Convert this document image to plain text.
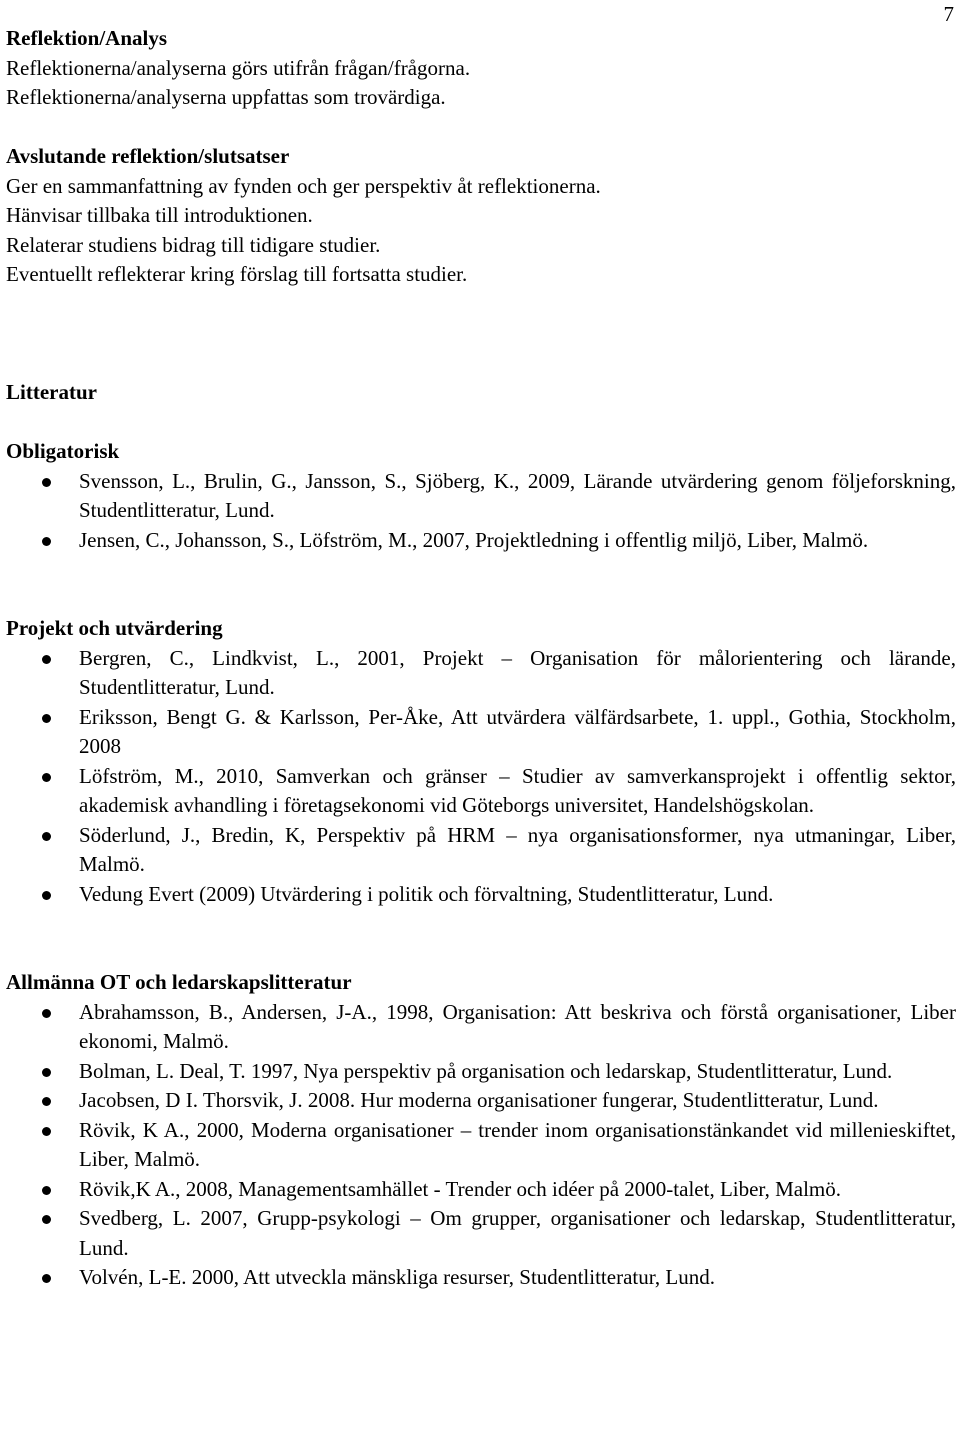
7
Reflektion/Analys
Reflektionerna/analyserna görs utifrån frågan/frågorna.
Reflektionerna/analyserna uppfattas som trovärdiga.
Avslutande reflektion/slutsatser
Ger en sammanfattning av fynden och ger perspektiv åt reflektionerna.
Hänvisar tillbaka till introduktionen.
Relaterar studiens bidrag till tidigare studier.
Eventuellt reflekterar kring förslag till fortsatta studier.
Litteratur
Obligatorisk
Svensson, L., Brulin, G., Jansson, S., Sjöberg, K., 2009, Lärande utvärdering genom följeforskning, Studentlitteratur, Lund.
Jensen, C., Johansson, S., Löfström, M., 2007, Projektledning i offentlig miljö, Liber, Malmö.
Projekt och utvärdering
Bergren, C., Lindkvist, L., 2001, Projekt – Organisation för målorientering och lärande, Studentlitteratur, Lund.
Eriksson, Bengt G. & Karlsson, Per-Åke, Att utvärdera välfärdsarbete, 1. uppl., Gothia, Stockholm, 2008
Löfström, M., 2010, Samverkan och gränser – Studier av samverkansprojekt i offentlig sektor, akademisk avhandling i företagsekonomi vid Göteborgs universitet, Handelshögskolan.
Söderlund, J., Bredin, K, Perspektiv på HRM – nya organisationsformer, nya utmaningar, Liber, Malmö.
Vedung Evert (2009) Utvärdering i politik och förvaltning, Studentlitteratur, Lund.
Allmänna OT och ledarskapslitteratur
Abrahamsson, B., Andersen, J-A., 1998, Organisation: Att beskriva och förstå organisationer, Liber ekonomi, Malmö.
Bolman, L. Deal, T. 1997, Nya perspektiv på organisation och ledarskap, Studentlitteratur, Lund.
Jacobsen, D I. Thorsvik, J. 2008. Hur moderna organisationer fungerar, Studentlitteratur, Lund.
Rövik, K A., 2000, Moderna organisationer – trender inom organisationstänkandet vid millenieskiftet, Liber, Malmö.
Rövik,K A., 2008, Managementsamhället - Trender och idéer på 2000-talet, Liber, Malmö.
Svedberg, L. 2007, Grupp-psykologi – Om grupper, organisationer och ledarskap, Studentlitteratur, Lund.
Volvén, L-E. 2000, Att utveckla mänskliga resurser, Studentlitteratur, Lund.
